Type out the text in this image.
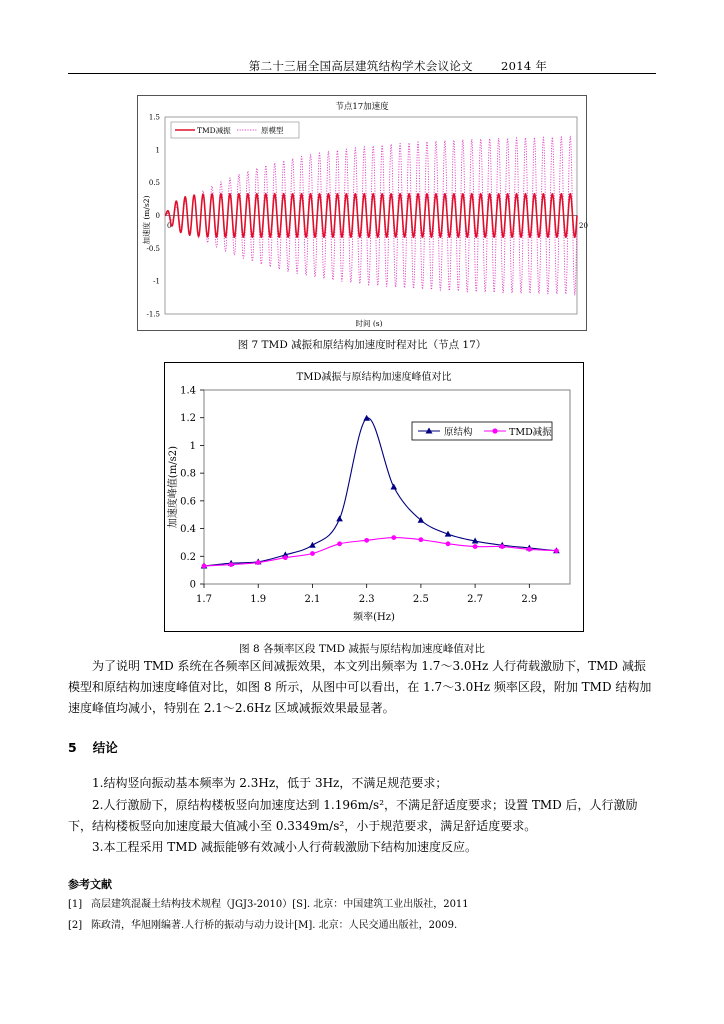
第二十三届全国高层建筑结构学术会议论文 2014 年
节点17加速度
1.5
1
0.5
0
-0.5
-1
-1.5
0	20
加速度 (m/s2)
时间 (s)
TMD减振	原模型
图 7 TMD 减振和原结构加速度时程对比（节点 17）
TMD减振与原结构加速度峰值对比
0
0.2
0.4
0.6
0.8
1
1.2
1.4
1.7	1.9	2.1	2.3	2.5	2.7	2.9
加速度峰值(m/s2)
频率(Hz)
原结构	TMD减振
图 8 各频率区段 TMD 减振与原结构加速度峰值对比

为了说明 TMD 系统在各频率区间减振效果，本文列出频率为 1.7～3.0Hz 人行荷载激励下，TMD 减振模型和原结构加速度峰值对比，如图 8 所示，从图中可以看出，在 1.7～3.0Hz 频率区段，附加 TMD 结构加速度峰值均减小，特别在 2.1～2.6Hz 区域减振效果最显著。

5 结论

1.结构竖向振动基本频率为 2.3Hz，低于 3Hz，不满足规范要求；

2.人行激励下，原结构楼板竖向加速度达到 1.196m/s²，不满足舒适度要求；设置 TMD 后，人行激励下，结构楼板竖向加速度最大值减小至 0.3349m/s²，小于规范要求，满足舒适度要求。

3.本工程采用 TMD 减振能够有效减小人行荷载激励下结构加速度反应。

参考文献
[1] 高层建筑混凝土结构技术规程（JGJ3-2010）[S]. 北京：中国建筑工业出版社，2011
[2] 陈政清，华旭刚编著.人行桥的振动与动力设计[M]. 北京：人民交通出版社，2009.
